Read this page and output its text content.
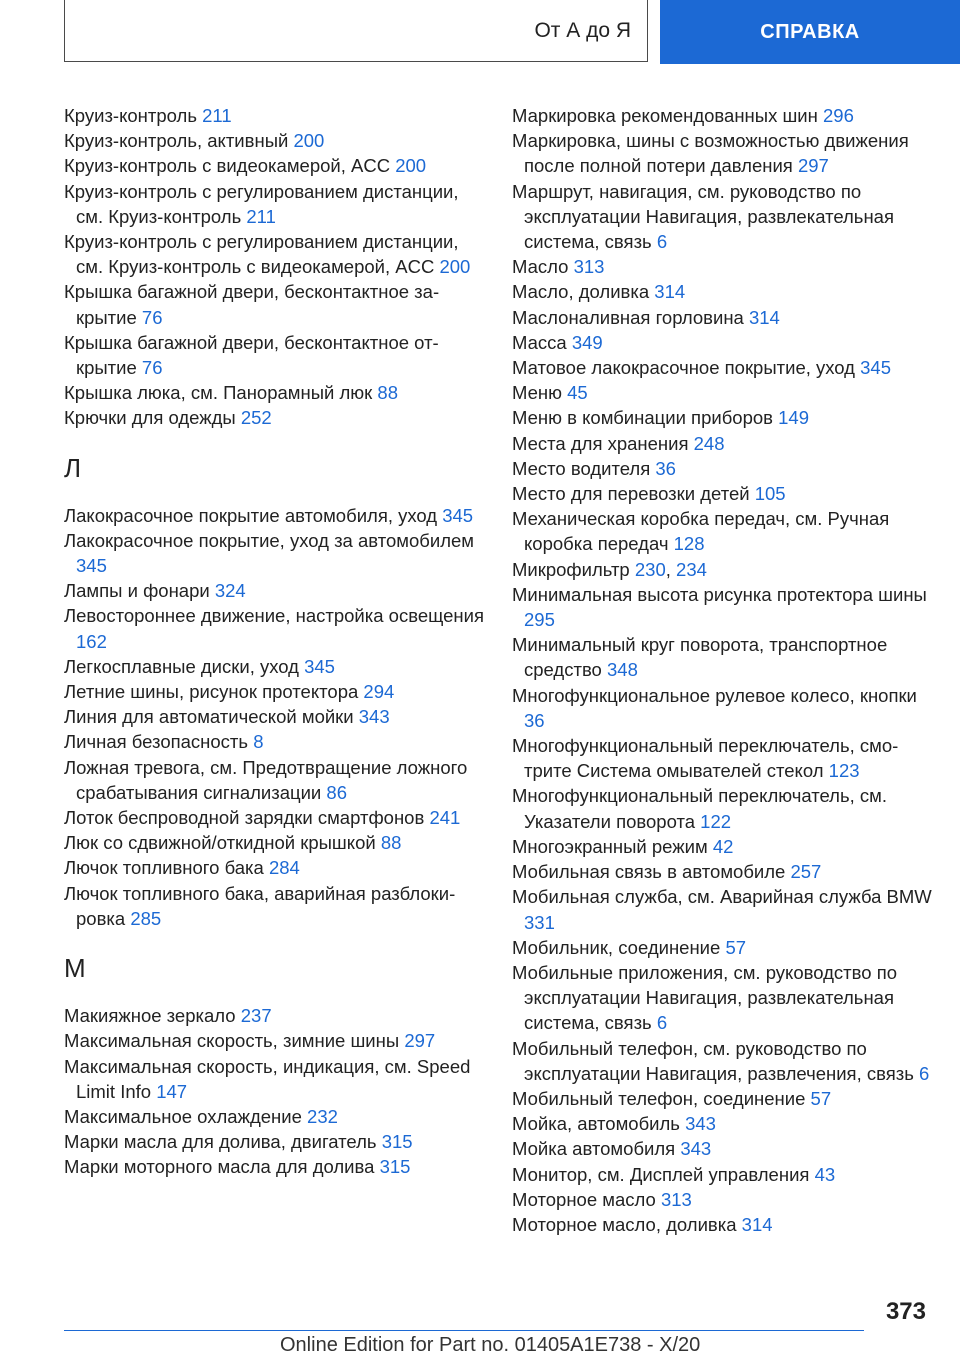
От А до Я	СПРАВКА
Круиз-контроль 211
Круиз-контроль, активный 200
Круиз-контроль с видеокамерой, ACC 200
Круиз-контроль с регулированием дистанции, см. Круиз-контроль 211
Круиз-контроль с регулированием дистанции, см. Круиз-контроль с видеокамерой, ACC 200
Крышка багажной двери, бесконтактное закрытие 76
Крышка багажной двери, бесконтактное открытие 76
Крышка люка, см. Панорамный люк 88
Крючки для одежды 252
Л
Лакокрасочное покрытие автомобиля, уход 345
Лакокрасочное покрытие, уход за автомобилем 345
Лампы и фонари 324
Левостороннее движение, настройка освещения 162
Легкосплавные диски, уход 345
Летние шины, рисунок протектора 294
Линия для автоматической мойки 343
Личная безопасность 8
Ложная тревога, см. Предотвращение ложного срабатывания сигнализации 86
Лоток беспроводной зарядки смартфонов 241
Люк со сдвижной/откидной крышкой 88
Лючок топливного бака 284
Лючок топливного бака, аварийная разблокировка 285
М
Макияжное зеркало 237
Максимальная скорость, зимние шины 297
Максимальная скорость, индикация, см. Speed Limit Info 147
Максимальное охлаждение 232
Марки масла для долива, двигатель 315
Марки моторного масла для долива 315
Маркировка рекомендованных шин 296
Маркировка, шины с возможностью движения после полной потери давления 297
Маршрут, навигация, см. руководство по эксплуатации Навигация, развлекательная система, связь 6
Масло 313
Масло, доливка 314
Маслоналивная горловина 314
Масса 349
Матовое лакокрасочное покрытие, уход 345
Меню 45
Меню в комбинации приборов 149
Места для хранения 248
Место водителя 36
Место для перевозки детей 105
Механическая коробка передач, см. Ручная коробка передач 128
Микрофильтр 230, 234
Минимальная высота рисунка протектора шины 295
Минимальный круг поворота, транспортное средство 348
Многофункциональное рулевое колесо, кнопки 36
Многофункциональный переключатель, смотрите Система омывателей стекол 123
Многофункциональный переключатель, см. Указатели поворота 122
Многоэкранный режим 42
Мобильная связь в автомобиле 257
Мобильная служба, см. Аварийная служба BMW 331
Мобильник, соединение 57
Мобильные приложения, см. руководство по эксплуатации Навигация, развлекательная система, связь 6
Мобильный телефон, см. руководство по эксплуатации Навигация, развлечения, связь 6
Мобильный телефон, соединение 57
Мойка, автомобиль 343
Мойка автомобиля 343
Монитор, см. Дисплей управления 43
Моторное масло 313
Моторное масло, доливка 314
373
Online Edition for Part no. 01405A1E738 - X/20
